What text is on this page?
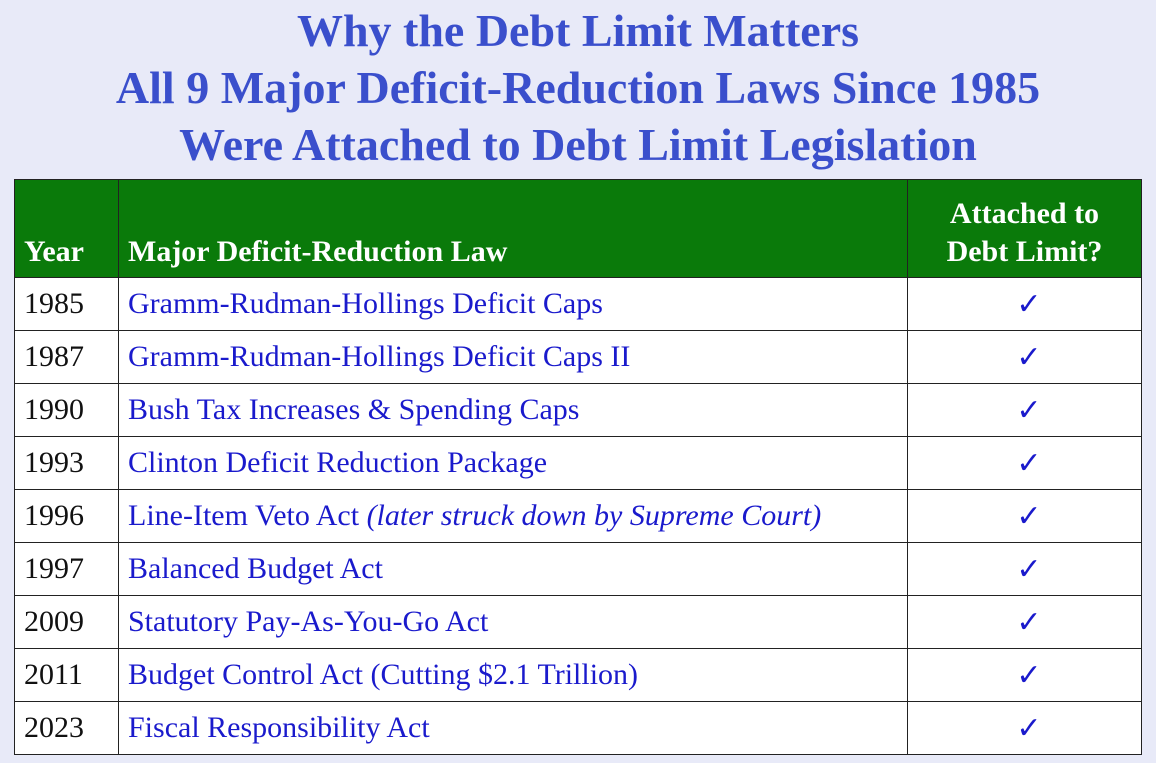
Why the Debt Limit Matters
All 9 Major Deficit-Reduction Laws Since 1985
Were Attached to Debt Limit Legislation
Year	Major Deficit-Reduction Law	Attached to
Debt Limit?
1985	Gramm-Rudman-Hollings Deficit Caps	✓
1987	Gramm-Rudman-Hollings Deficit Caps II	✓
1990	Bush Tax Increases & Spending Caps	✓
1993	Clinton Deficit Reduction Package	✓
1996	Line-Item Veto Act (later struck down by Supreme Court)	✓
1997	Balanced Budget Act	✓
2009	Statutory Pay-As-You-Go Act	✓
2011	Budget Control Act (Cutting $2.1 Trillion)	✓
2023	Fiscal Responsibility Act	✓
